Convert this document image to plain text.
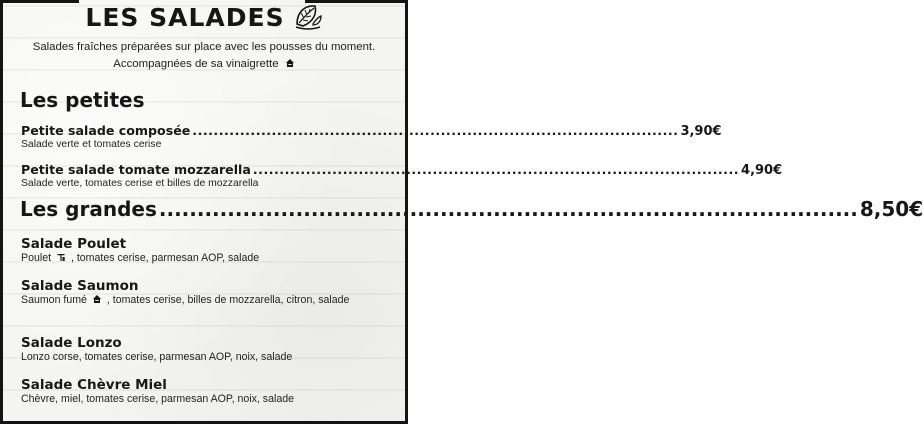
LES SALADES
Salades fraîches préparées sur place avec les pousses du moment.
Accompagnées de sa vinaigrette
Les petites
Petite salade composée ............................................................................................ 3,90€
Salade verte et tomates cerise
Petite salade tomate mozzarella ............................................................................................ 4,90€
Salade verte, tomates cerise et billes de mozzarella
Les grandes ............................................................................................ 8,50€
Salade Poulet
Poulet , tomates cerise, parmesan AOP, salade
Salade Saumon
Saumon fumé , tomates cerise, billes de mozzarella, citron, salade
Salade Lonzo
Lonzo corse, tomates cerise, parmesan AOP, noix, salade
Salade Chèvre Miel
Chèvre, miel, tomates cerise, parmesan AOP, noix, salade
